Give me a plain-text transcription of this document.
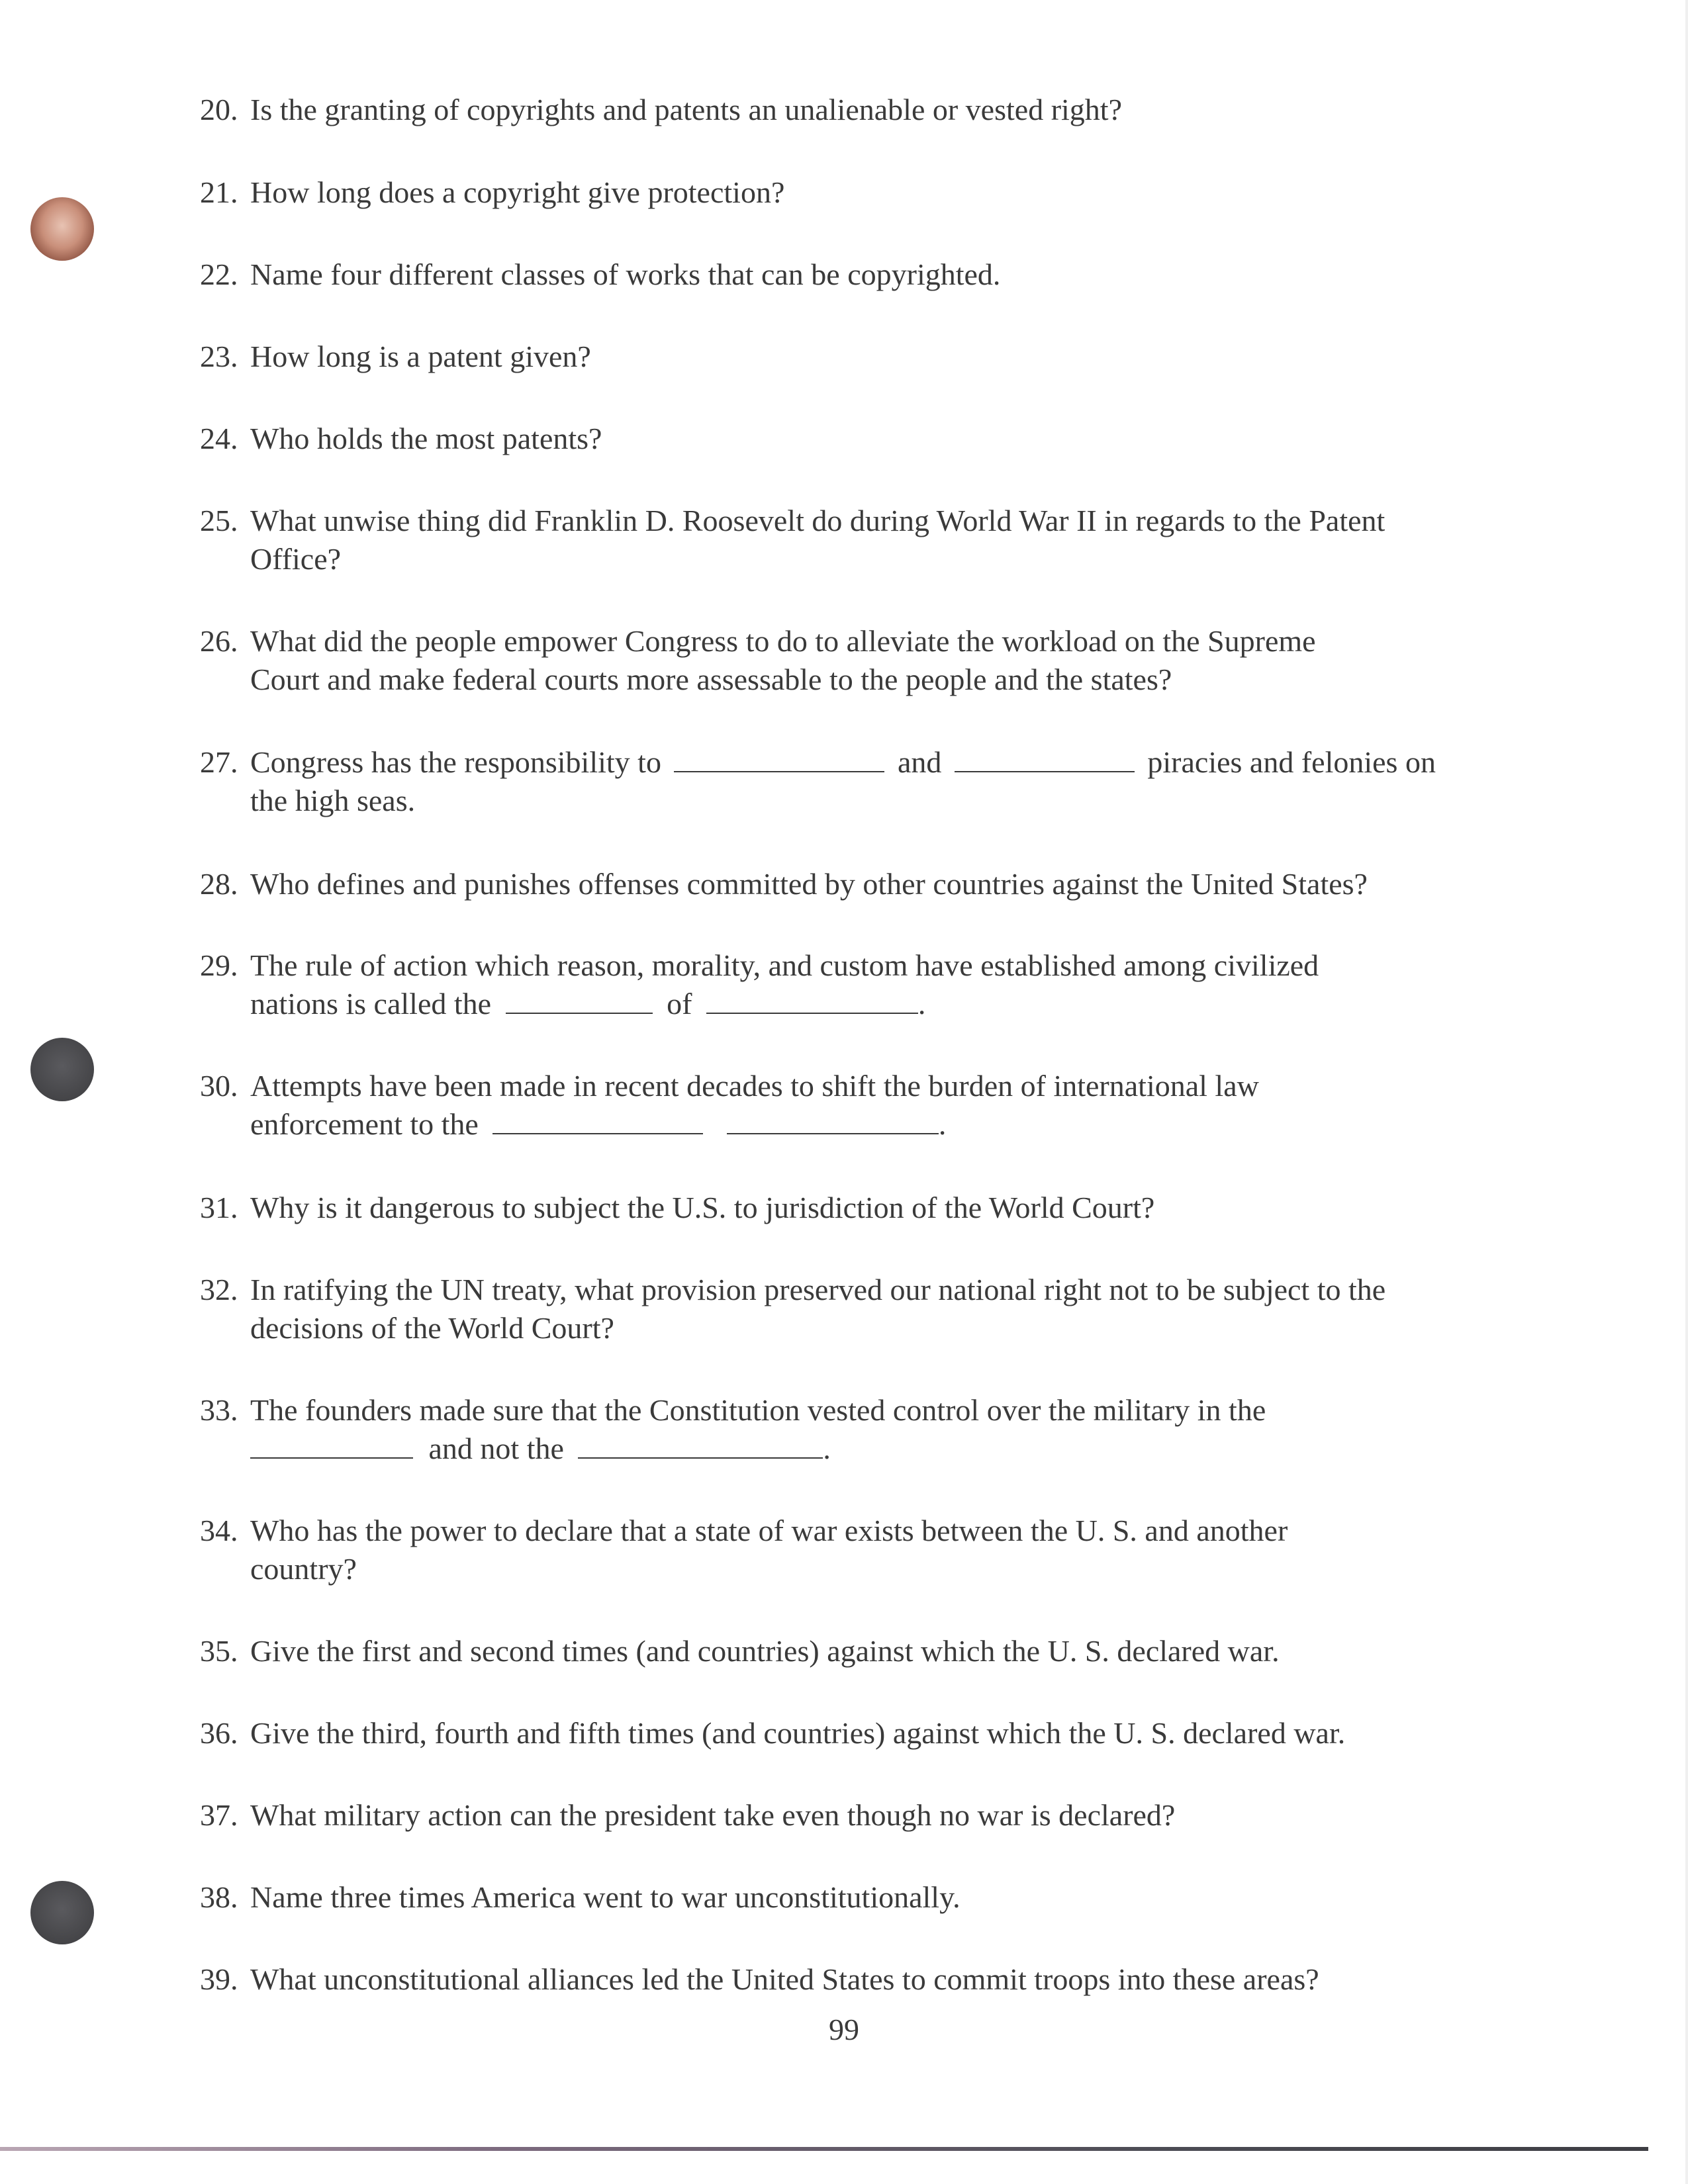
20. Is the granting of copyrights and patents an unalienable or vested right?
21. How long does a copyright give protection?
22. Name four different classes of works that can be copyrighted.
23. How long is a patent given?
24. Who holds the most patents?
25. What unwise thing did Franklin D. Roosevelt do during World War II in regards to the Patent
Office?
26. What did the people empower Congress to do to alleviate the workload on the Supreme
Court and make federal courts more assessable to the people and the states?
27. Congress has the responsibility to	and	piracies and felonies on
the high seas.
28. Who defines and punishes offenses committed by other countries against the United States?
29. The rule of action which reason, morality, and custom have established among civilized
nations is called the	of	.
30. Attempts have been made in recent decades to shift the burden of international law
enforcement to the	.
31. Why is it dangerous to subject the U.S. to jurisdiction of the World Court?
32. In ratifying the UN treaty, what provision preserved our national right not to be subject to the
decisions of the World Court?
33. The founders made sure that the Constitution vested control over the military in the
and not the	.
34. Who has the power to declare that a state of war exists between the U. S. and another
country?
35. Give the first and second times (and countries) against which the U. S. declared war.
36. Give the third, fourth and fifth times (and countries) against which the U. S. declared war.
37. What military action can the president take even though no war is declared?
38. Name three times America went to war unconstitutionally.
39. What unconstitutional alliances led the United States to commit troops into these areas?
99
